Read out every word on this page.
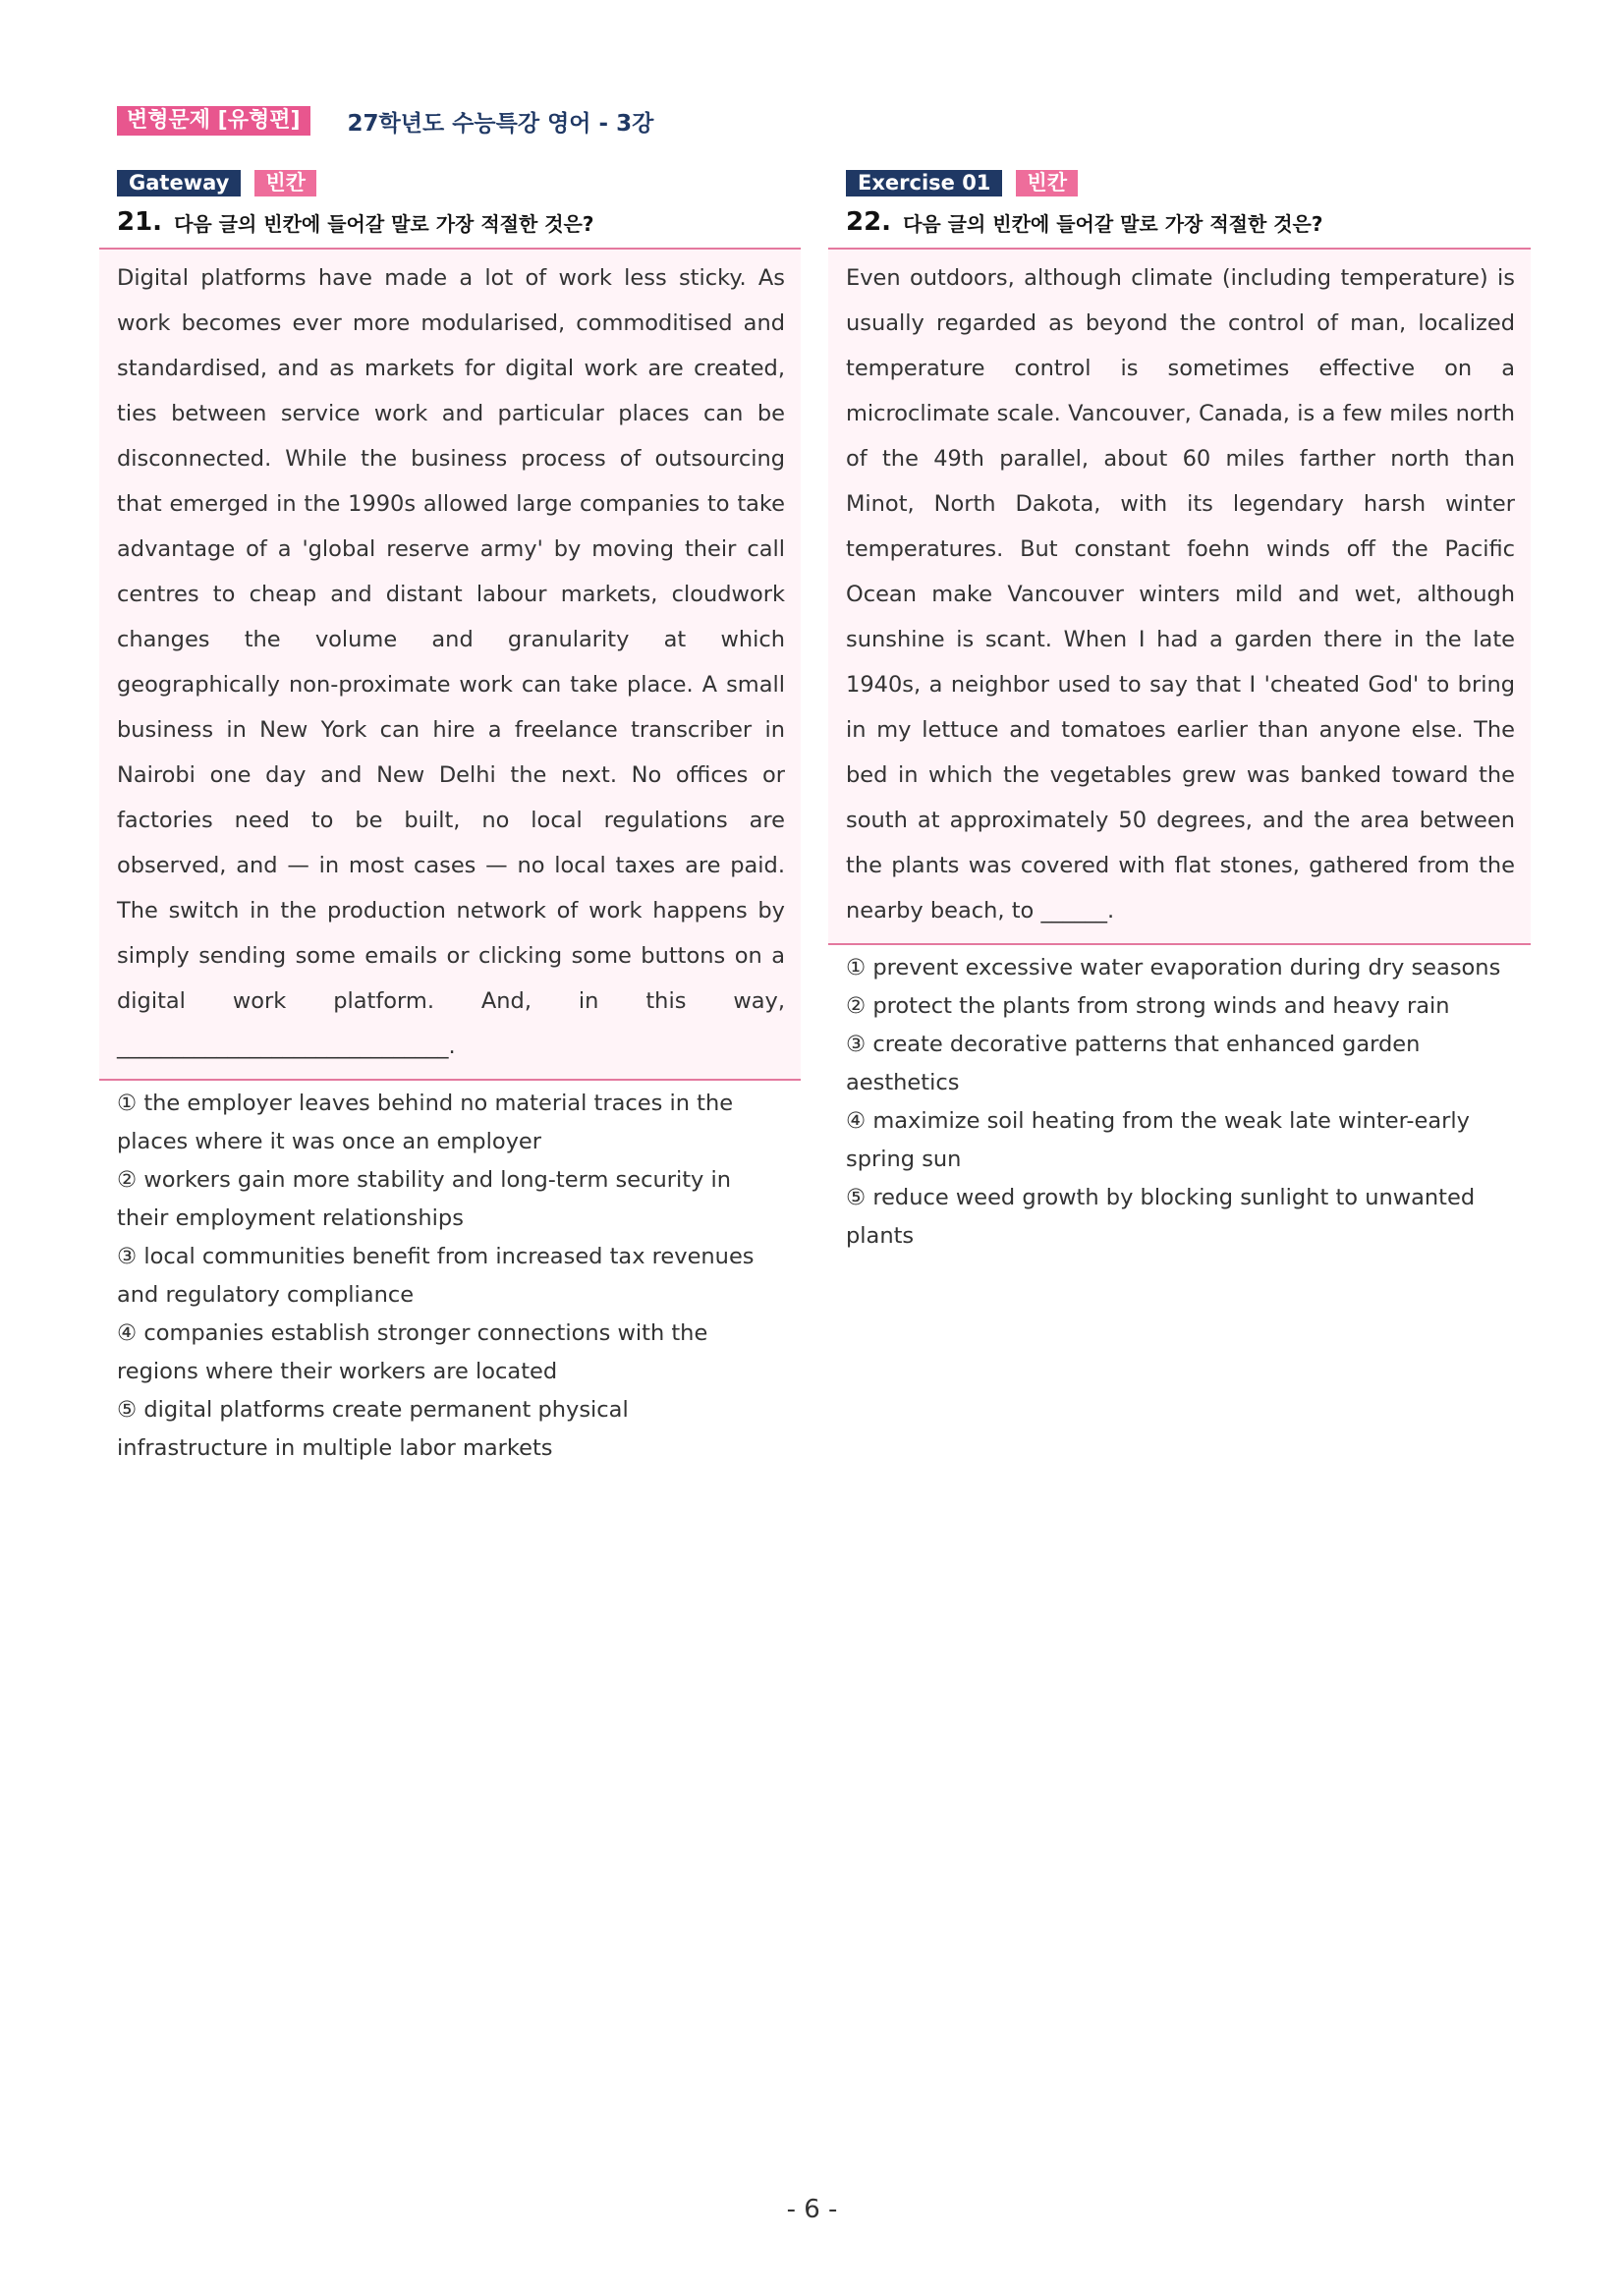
변형문제 [유형편]	27학년도 수능특강 영어 - 3강
Gateway	빈칸
21. 다음 글의 빈칸에 들어갈 말로 가장 적절한 것은?

Digital platforms have made a lot of work less sticky. As work becomes ever more modularised, commoditised and standardised, and as markets for digital work are created, ties between service work and particular places can be disconnected. While the business process of outsourcing that emerged in the 1990s allowed large companies to take advantage of a 'global reserve army' by moving their call centres to cheap and distant labour markets, cloudwork changes the volume and granularity at which geographically non-proximate work can take place. A small business in New York can hire a freelance transcriber in Nairobi one day and New Delhi the next. No offices or factories need to be built, no local regulations are observed, and — in most cases — no local taxes are paid. The switch in the production network of work happens by simply sending some emails or clicking some buttons on a digital work platform. And, in this way, ______________________________.

① the employer leaves behind no material traces in the places where it was once an employer
② workers gain more stability and long-term security in their employment relationships
③ local communities benefit from increased tax revenues and regulatory compliance
④ companies establish stronger connections with the regions where their workers are located
⑤ digital platforms create permanent physical infrastructure in multiple labor markets
Exercise 01	빈칸
22. 다음 글의 빈칸에 들어갈 말로 가장 적절한 것은?

Even outdoors, although climate (including temperature) is usually regarded as beyond the control of man, localized temperature control is sometimes effective on a microclimate scale. Vancouver, Canada, is a few miles north of the 49th parallel, about 60 miles farther north than Minot, North Dakota, with its legendary harsh winter temperatures. But constant foehn winds off the Pacific Ocean make Vancouver winters mild and wet, although sunshine is scant. When I had a garden there in the late 1940s, a neighbor used to say that I 'cheated God' to bring in my lettuce and tomatoes earlier than anyone else. The bed in which the vegetables grew was banked toward the south at approximately 50 degrees, and the area between the plants was covered with flat stones, gathered from the nearby beach, to ______.

① prevent excessive water evaporation during dry seasons
② protect the plants from strong winds and heavy rain
③ create decorative patterns that enhanced garden aesthetics
④ maximize soil heating from the weak late winter-early spring sun
⑤ reduce weed growth by blocking sunlight to unwanted plants
- 6 -
